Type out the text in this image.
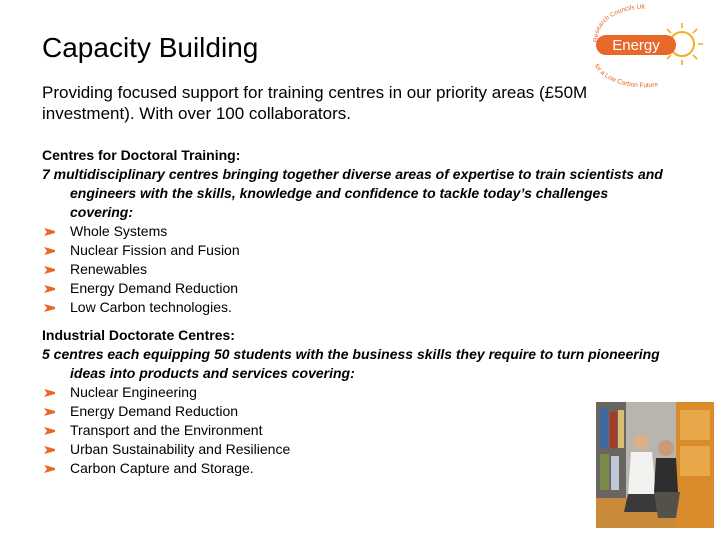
Capacity Building	Energy
Research Councils UK
for a Low Carbon Future
Providing focused support for training centres in our priority areas (£50M investment). With over 100 collaborators.
Centres for Doctoral Training:
7 multidisciplinary centres bringing together diverse areas of expertise to train scientists and engineers with the skills, knowledge and confidence to tackle today’s challenges covering:
Whole Systems
Nuclear Fission and Fusion
Renewables
Energy Demand Reduction
Low Carbon technologies.
Industrial Doctorate Centres:
5 centres each equipping 50 students with the business skills they require to turn pioneering ideas into products and services covering:
Nuclear Engineering
Energy Demand Reduction
Transport and the Environment
Urban Sustainability and Resilience
Carbon Capture and Storage.
